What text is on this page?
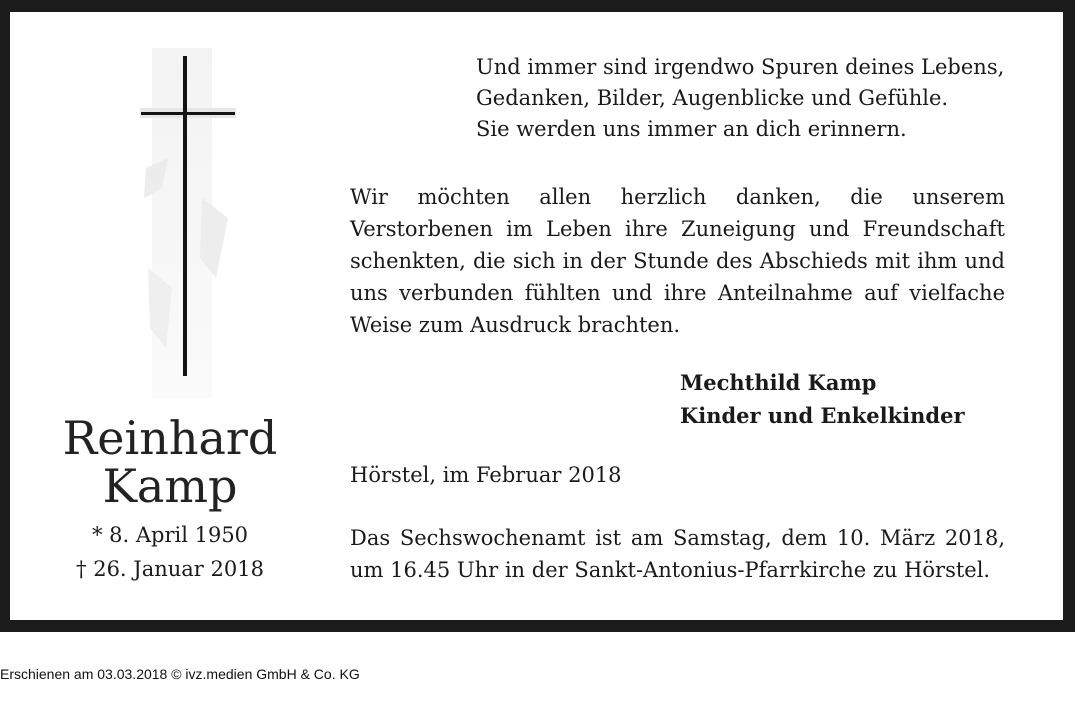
Und immer sind irgendwo Spuren deines Lebens,
Gedanken, Bilder, Augenblicke und Gefühle.
Sie werden uns immer an dich erinnern.
Wir möchten allen herzlich danken, die unserem Verstorbenen im Leben ihre Zuneigung und Freundschaft schenkten, die sich in der Stunde des Abschieds mit ihm und uns verbunden fühlten und ihre Anteilnahme auf vielfache Weise zum Ausdruck brachten.
Mechthild Kamp
Kinder und Enkelkinder
Reinhard
Kamp
* 8. April 1950
† 26. Januar 2018
Hörstel, im Februar 2018
Das Sechswochenamt ist am Samstag, dem 10. März 2018, um 16.45 Uhr in der Sankt-Antonius-Pfarrkirche zu Hörstel.
Erschienen am 03.03.2018 © ivz.medien GmbH & Co. KG
